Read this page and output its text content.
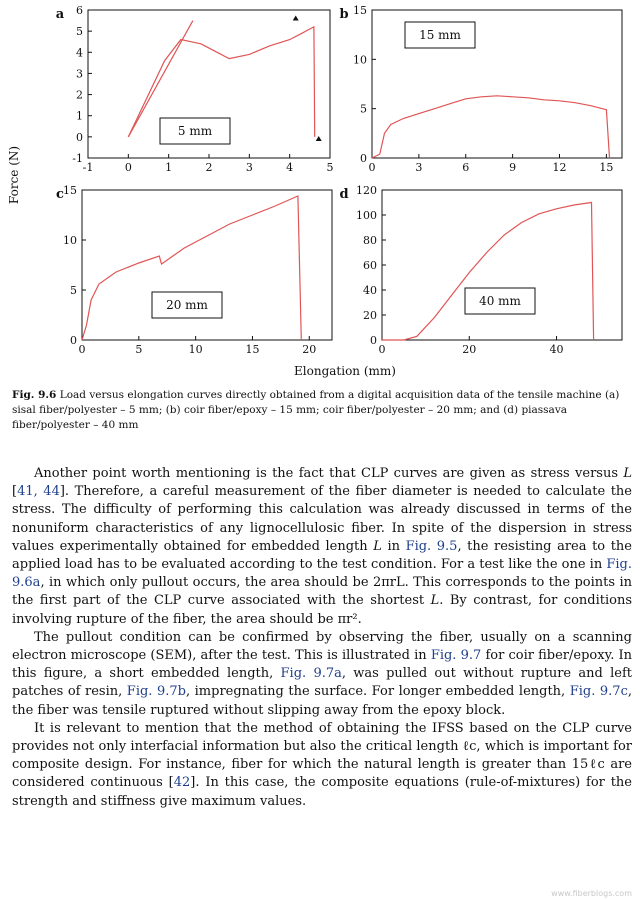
-1	0	1	2	3	4	5
-1
0
1
2
3
4
5
6
5 mm
a
0	3	6	9	12	15
0
5
10
15
15 mm
b
0	5	10	15	20
0
5
10
15
20 mm
c
0	20	40
0
20
40
60
80
100
120
40 mm
d
Force (N)
Elongation (mm)
Fig. 9.6 Load versus elongation curves directly obtained from a digital acquisition data of the tensile machine (a) sisal fiber/polyester – 5 mm; (b) coir fiber/epoxy – 15 mm; coir fiber/polyester – 20 mm; and (d) piassava fiber/polyester – 40 mm

Another point worth mentioning is the fact that CLP curves are given as stress versus L [41, 44]. Therefore, a careful measurement of the fiber diameter is needed to calculate the stress. The difficulty of performing this calculation was already discussed in terms of the nonuniform characteristics of any lignocellulosic fiber. In spite of the dispersion in stress values experimentally obtained for embedded length L in Fig. 9.5, the resisting area to the applied load has to be evaluated according to the test condition. For a test like the one in Fig. 9.6a, in which only pullout occurs, the area should be 2πrL. This corresponds to the points in the first part of the CLP curve associated with the shortest L. By contrast, for conditions involving rupture of the fiber, the area should be πr².

The pullout condition can be confirmed by observing the fiber, usually on a scanning electron microscope (SEM), after the test. This is illustrated in Fig. 9.7 for coir fiber/epoxy. In this figure, a short embedded length, Fig. 9.7a, was pulled out without rupture and left patches of resin, Fig. 9.7b, impregnating the surface. For longer embedded length, Fig. 9.7c, the fiber was tensile ruptured without slipping away from the epoxy block.

It is relevant to mention that the method of obtaining the IFSS based on the CLP curve provides not only interfacial information but also the critical length ℓc, which is important for composite design. For instance, fiber for which the natural length is greater than 15ℓc are considered continuous [42]. In this case, the composite equations (rule-of-mixtures) for the strength and stiffness give maximum values.

www.fiberblogs.com
